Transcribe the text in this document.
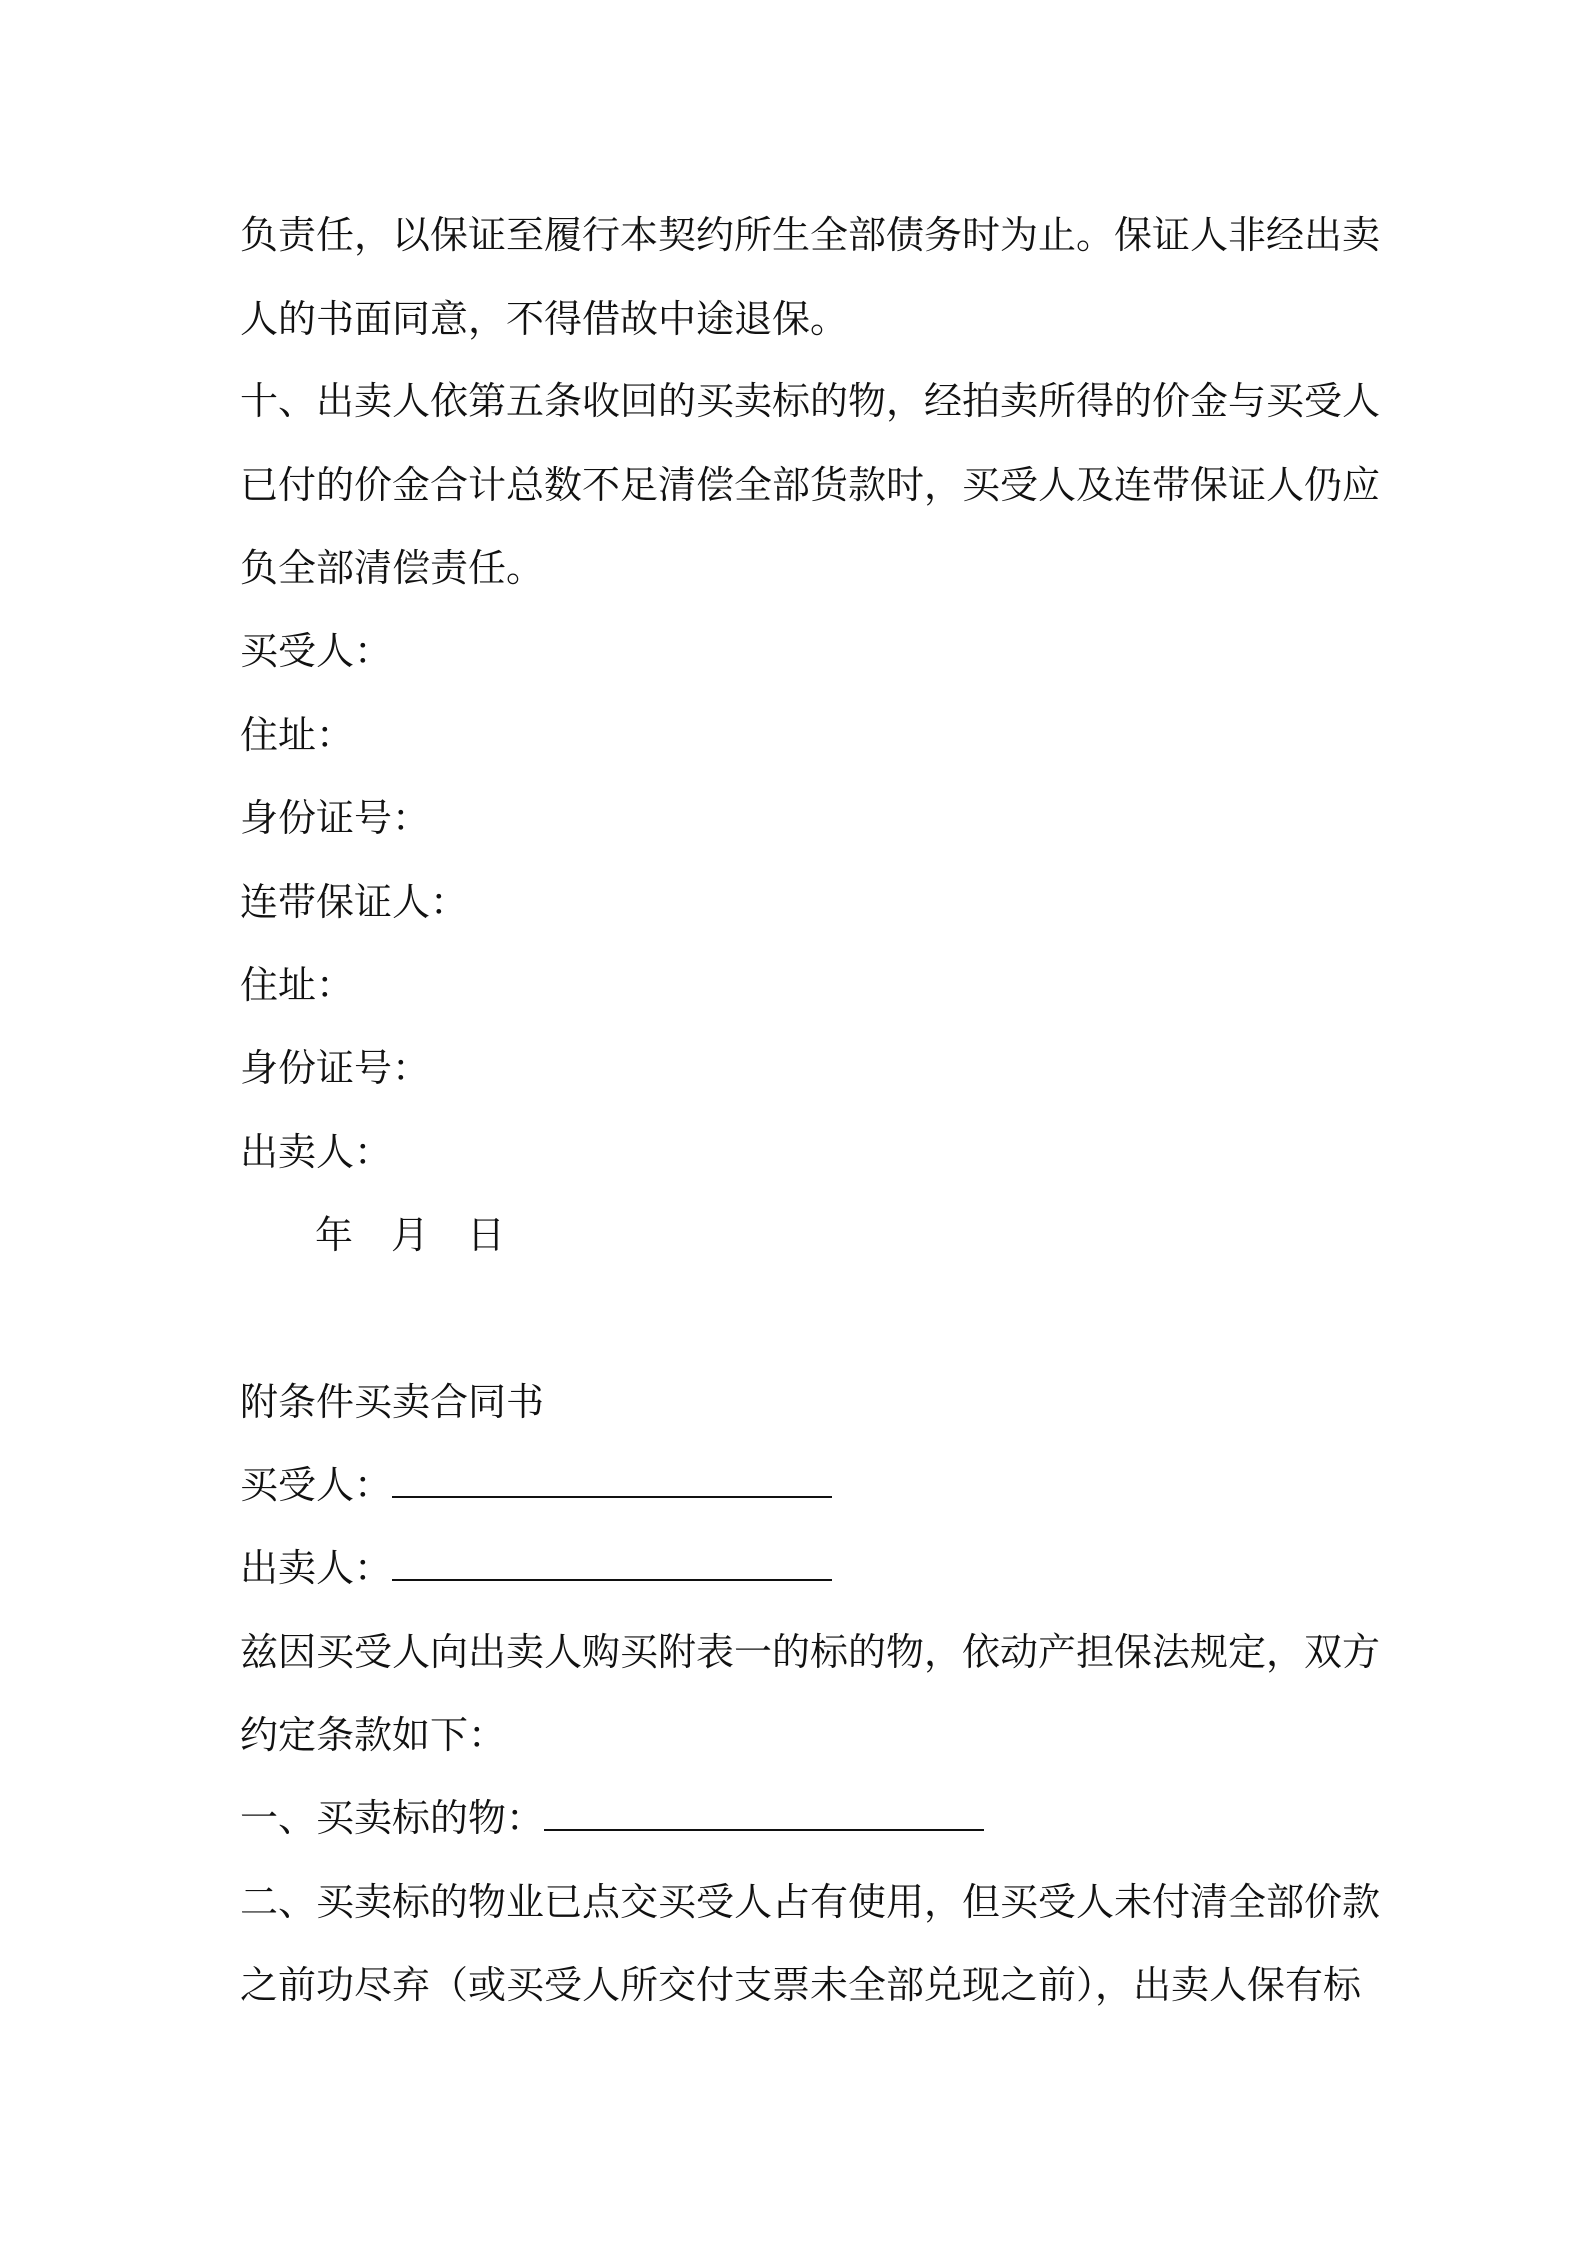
负责任，以保证至履行本契约所生全部债务时为止。保证人非经出卖
人的书面同意，不得借故中途退保。
十、出卖人依第五条收回的买卖标的物，经拍卖所得的价金与买受人
已付的价金合计总数不足清偿全部货款时，买受人及连带保证人仍应
负全部清偿责任。
买受人：
住址：
身份证号：
连带保证人：
住址：
身份证号：
出卖人：
年　月　日
附条件买卖合同书
买受人：
出卖人：
兹因买受人向出卖人购买附表一的标的物，依动产担保法规定，双方
约定条款如下：
一、买卖标的物：
二、买卖标的物业已点交买受人占有使用，但买受人未付清全部价款
之前功尽弃（或买受人所交付支票未全部兑现之前），出卖人保有标
